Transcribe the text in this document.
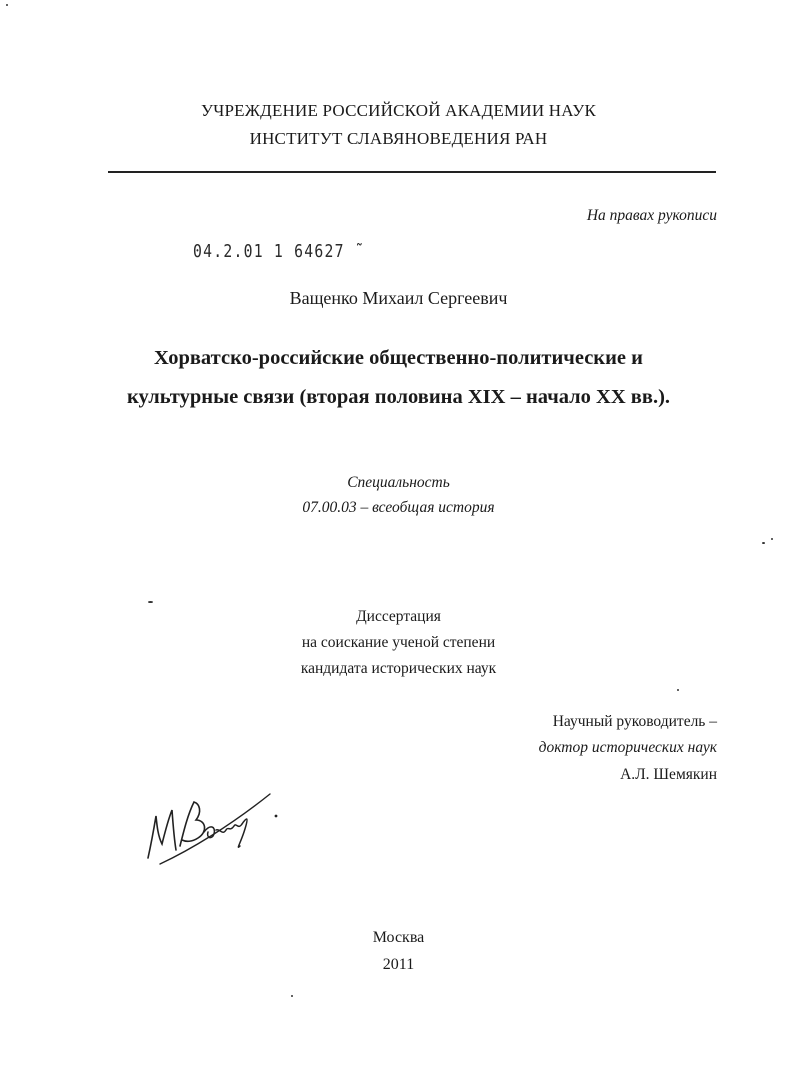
УЧРЕЖДЕНИЕ РОССИЙСКОЙ АКАДЕМИИ НАУК
ИНСТИТУТ СЛАВЯНОВЕДЕНИЯ РАН
На правах рукописи
04.2.01 1 64627 ˜
Ващенко Михаил Сергеевич
Хорватско-российские общественно-политические и
культурные связи (вторая половина XIX – начало XX вв.).
Специальность
07.00.03 – всеобщая история
Диссертация
на соискание ученой степени
кандидата исторических наук
Научный руководитель –
доктор исторических наук
А.Л. Шемякин
Москва
2011
